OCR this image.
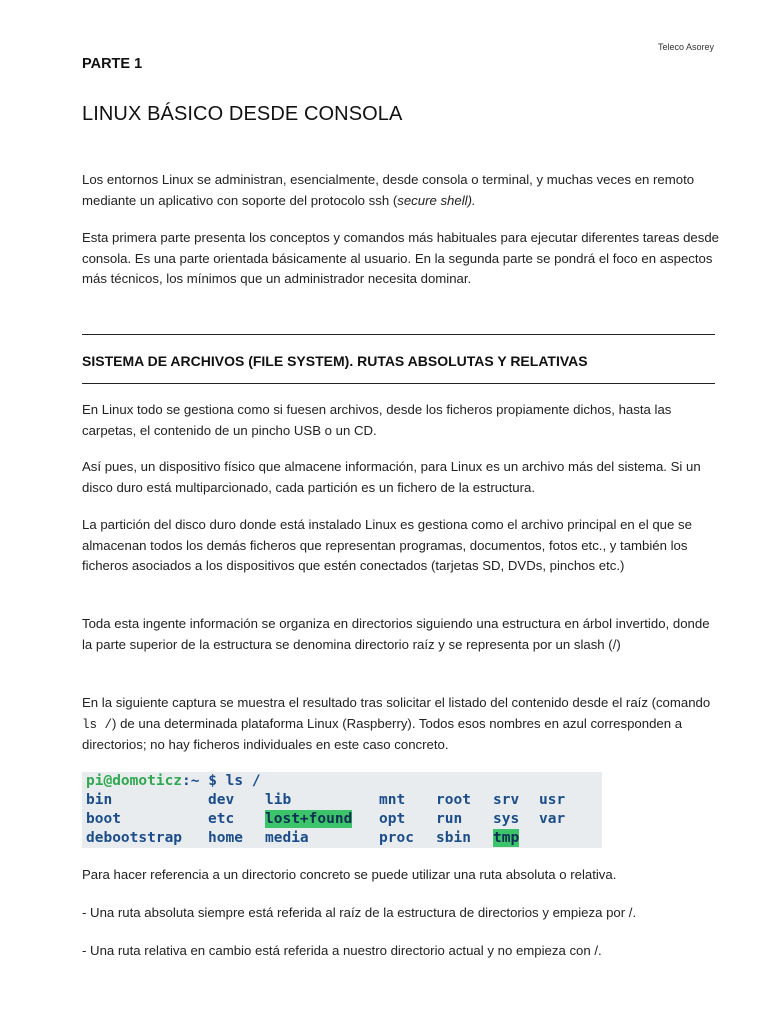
Teleco Asorey
PARTE 1
LINUX BÁSICO DESDE CONSOLA
Los entornos Linux se administran, esencialmente, desde consola o terminal, y muchas veces en remoto mediante un aplicativo con soporte del protocolo ssh (secure shell).
Esta primera parte presenta los conceptos y comandos más habituales para ejecutar diferentes tareas desde consola. Es una parte orientada básicamente al usuario. En la segunda parte se pondrá el foco en aspectos más técnicos, los mínimos que un administrador necesita dominar.
SISTEMA DE ARCHIVOS (FILE SYSTEM). RUTAS ABSOLUTAS Y RELATIVAS
En Linux todo se gestiona como si fuesen archivos, desde los ficheros propiamente dichos, hasta las carpetas, el contenido de un pincho USB o un CD.
Así pues, un dispositivo físico que almacene información, para Linux es un archivo más del sistema. Si un disco duro está multiparcionado, cada partición es un fichero de la estructura.
La partición del disco duro donde está instalado Linux es gestiona como el archivo principal en el que se almacenan todos los demás ficheros que representan programas, documentos, fotos etc., y también los ficheros asociados a los dispositivos que estén conectados (tarjetas SD, DVDs, pinchos etc.)
Toda esta ingente información se organiza en directorios siguiendo una estructura en árbol invertido, donde la parte superior de la estructura se denomina directorio raíz y se representa por un slash (/)
En la siguiente captura se muestra el resultado tras solicitar el listado del contenido desde el raíz (comando ls /) de una determinada plataforma Linux (Raspberry). Todos esos nombres en azul corresponden a directorios; no hay ficheros individuales en este caso concreto.
pi@domoticz:~ $ ls /
bin	dev lib	mnt root srv usr
boot	etc lost+found opt run sys var
debootstrap home media	proc sbin tmp
Para hacer referencia a un directorio concreto se puede utilizar una ruta absoluta o relativa.
- Una ruta absoluta siempre está referida al raíz de la estructura de directorios y empieza por /.
- Una ruta relativa en cambio está referida a nuestro directorio actual y no empieza con /.
